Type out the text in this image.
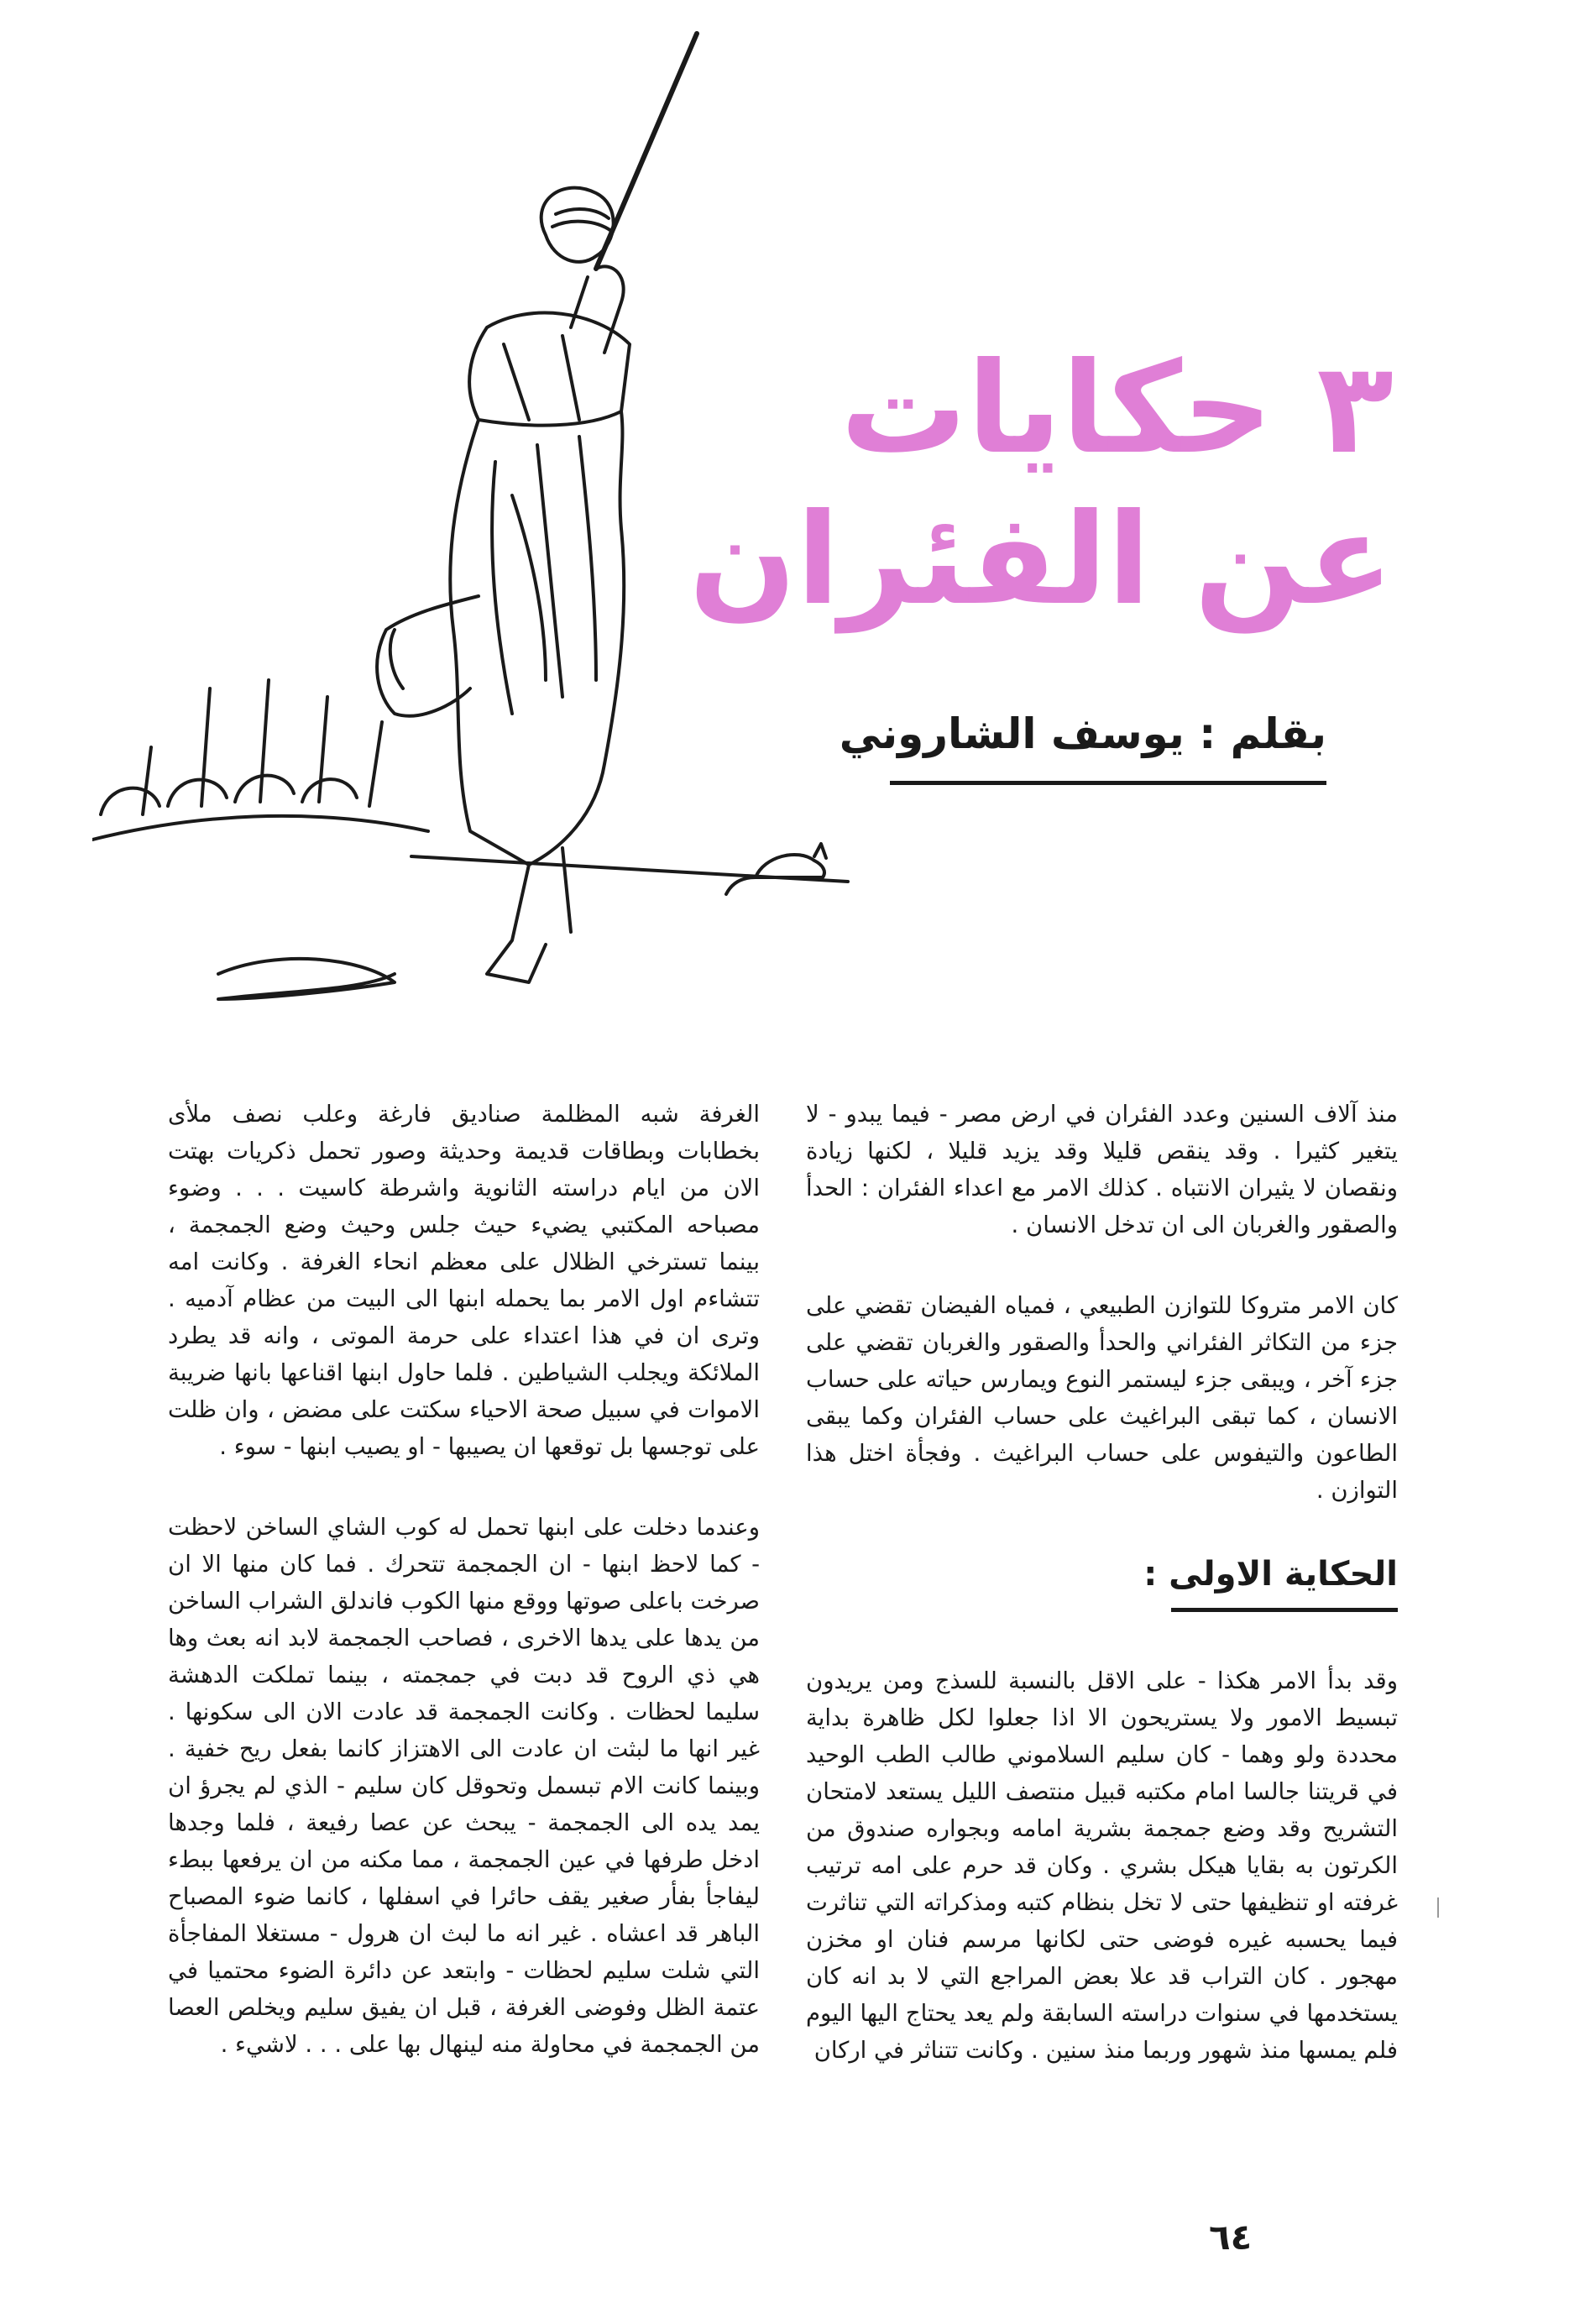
٣ حكايات
عن الفئران
بقلم : يوسف الشاروني

منذ آلاف السنين وعدد الفئران في ارض مصر - فيما يبدو - لا يتغير كثيرا . وقد ينقص قليلا وقد يزيد قليلا ، لكنها زيادة ونقصان لا يثيران الانتباه . كذلك الامر مع اعداء الفئران : الحدأ والصقور والغربان الى ان تدخل الانسان .

كان الامر متروكا للتوازن الطبيعي ، فمياه الفيضان تقضي على جزء من التكاثر الفئراني والحدأ والصقور والغربان تقضي على جزء آخر ، ويبقى جزء ليستمر النوع ويمارس حياته على حساب الانسان ، كما تبقى البراغيث على حساب الفئران وكما يبقى الطاعون والتيفوس على حساب البراغيث . وفجأة اختل هذا التوازن .

الحكاية الاولى :

وقد بدأ الامر هكذا - على الاقل بالنسبة للسذج ومن يريدون تبسيط الامور ولا يستريحون الا اذا جعلوا لكل ظاهرة بداية محددة ولو وهما - كان سليم السلاموني طالب الطب الوحيد في قريتنا جالسا امام مكتبه قبيل منتصف الليل يستعد لامتحان التشريح وقد وضع جمجمة بشرية امامه وبجواره صندوق من الكرتون به بقايا هيكل بشري . وكان قد حرم على امه ترتيب غرفته او تنظيفها حتى لا تخل بنظام كتبه ومذكراته التي تناثرت فيما يحسبه غيره فوضى حتى لكانها مرسم فنان او مخزن مهجور . كان التراب قد علا بعض المراجع التي لا بد انه كان يستخدمها في سنوات دراسته السابقة ولم يعد يحتاج اليها اليوم فلم يمسها منذ شهور وربما منذ سنين . وكانت تتناثر في اركان

الغرفة شبه المظلمة صناديق فارغة وعلب نصف ملأى بخطابات وبطاقات قديمة وحديثة وصور تحمل ذكريات بهتت الان من ايام دراسته الثانوية واشرطة كاسيت . . . وضوء مصباحه المكتبي يضيء حيث جلس وحيث وضع الجمجمة ، بينما تسترخي الظلال على معظم انحاء الغرفة . وكانت امه تتشاءم اول الامر بما يحمله ابنها الى البيت من عظام آدميه . وترى ان في هذا اعتداء على حرمة الموتى ، وانه قد يطرد الملائكة ويجلب الشياطين . فلما حاول ابنها اقناعها بانها ضريبة الاموات في سبيل صحة الاحياء سكتت على مضض ، وان ظلت على توجسها بل توقعها ان يصيبها - او يصيب ابنها - سوء .

وعندما دخلت على ابنها تحمل له كوب الشاي الساخن لاحظت - كما لاحظ ابنها - ان الجمجمة تتحرك . فما كان منها الا ان صرخت باعلى صوتها ووقع منها الكوب فاندلق الشراب الساخن من يدها على يدها الاخرى ، فصاحب الجمجمة لابد انه بعث وها هي ذي الروح قد دبت في جمجمته ، بينما تملكت الدهشة سليما لحظات . وكانت الجمجمة قد عادت الان الى سكونها . غير انها ما لبثت ان عادت الى الاهتزاز كانما بفعل ريح خفية . وبينما كانت الام تبسمل وتحوقل كان سليم - الذي لم يجرؤ ان يمد يده الى الجمجمة - يبحث عن عصا رفيعة ، فلما وجدها ادخل طرفها في عين الجمجمة ، مما مكنه من ان يرفعها ببطء ليفاجأ بفأر صغير يقف حائرا في اسفلها ، كانما ضوء المصباح الباهر قد اعشاه . غير انه ما لبث ان هرول - مستغلا المفاجأة التي شلت سليم لحظات - وابتعد عن دائرة الضوء محتميا في عتمة الظل وفوضى الغرفة ، قبل ان يفيق سليم ويخلص العصا من الجمجمة في محاولة منه لينهال بها على . . . لاشيء .

٦٤
